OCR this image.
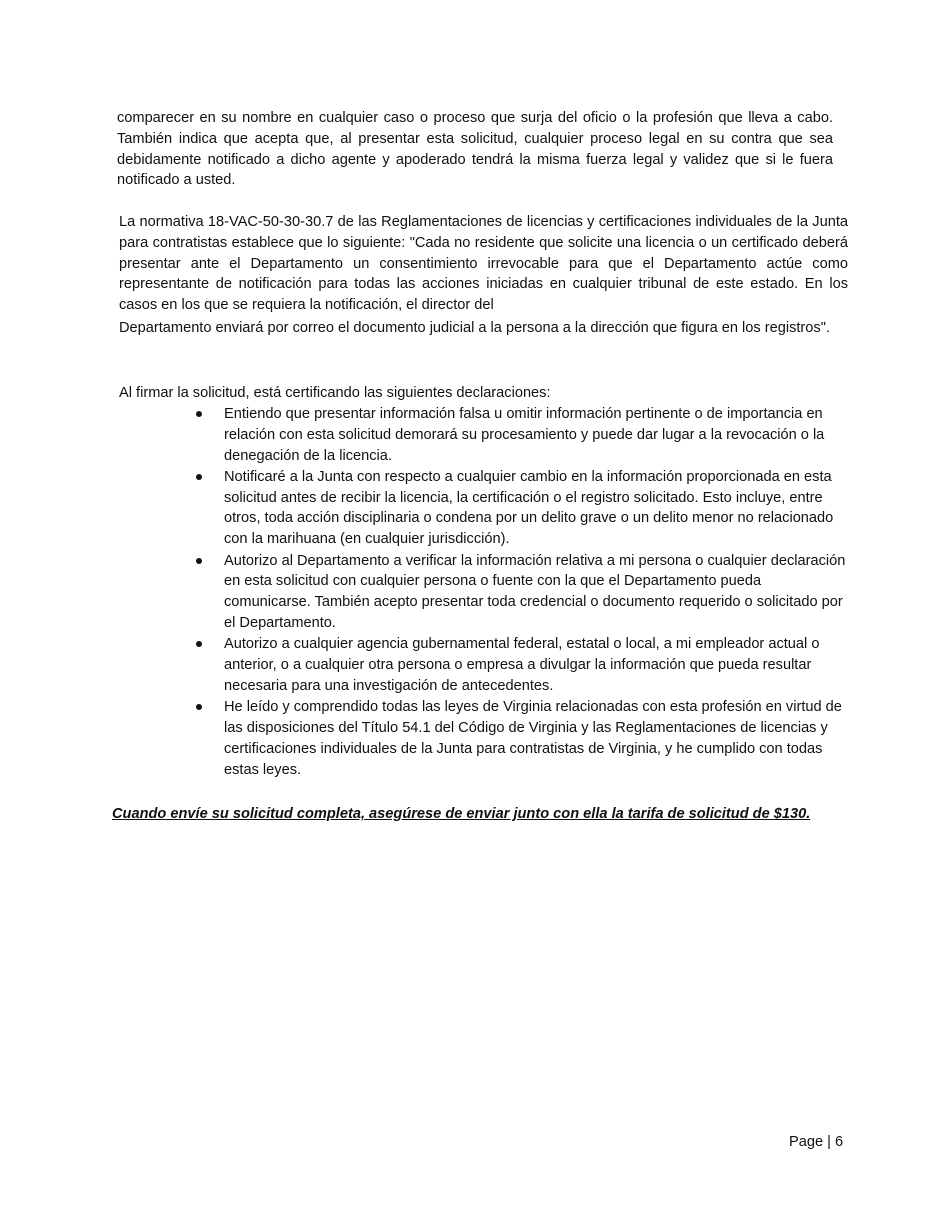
comparecer en su nombre en cualquier caso o proceso que surja del oficio o la profesión que lleva a cabo. También indica que acepta que, al presentar esta solicitud, cualquier proceso legal en su contra que sea debidamente notificado a dicho agente y apoderado tendrá la misma fuerza legal y validez que si le fuera notificado a usted.

La normativa 18-VAC-50-30-30.7 de las Reglamentaciones de licencias y certificaciones individuales de la Junta para contratistas establece que lo siguiente: "Cada no residente que solicite una licencia o un certificado deberá presentar ante el Departamento un consentimiento irrevocable para que el Departamento actúe como representante de notificación para todas las acciones iniciadas en cualquier tribunal de este estado. En los casos en los que se requiera la notificación, el director del
Departamento enviará por correo el documento judicial a la persona a la dirección que figura en los registros".

Al firmar la solicitud, está certificando las siguientes declaraciones:

Entiendo que presentar información falsa u omitir información pertinente o de importancia en relación con esta solicitud demorará su procesamiento y puede dar lugar a la revocación o la denegación de la licencia.
Notificaré a la Junta con respecto a cualquier cambio en la información proporcionada en esta solicitud antes de recibir la licencia, la certificación o el registro solicitado. Esto incluye, entre otros, toda acción disciplinaria o condena por un delito grave o un delito menor no relacionado con la marihuana (en cualquier jurisdicción).
Autorizo al Departamento a verificar la información relativa a mi persona o cualquier declaración en esta solicitud con cualquier persona o fuente con la que el Departamento pueda comunicarse. También acepto presentar toda credencial o documento requerido o solicitado por el Departamento.
Autorizo a cualquier agencia gubernamental federal, estatal o local, a mi empleador actual o anterior, o a cualquier otra persona o empresa a divulgar la información que pueda resultar necesaria para una investigación de antecedentes.
He leído y comprendido todas las leyes de Virginia relacionadas con esta profesión en virtud de las disposiciones del Título 54.1 del Código de Virginia y las Reglamentaciones de licencias y certificaciones individuales de la Junta para contratistas de Virginia, y he cumplido con todas estas leyes.
Cuando envíe su solicitud completa, asegúrese de enviar junto con ella la tarifa de solicitud de $130.
Page | 6
